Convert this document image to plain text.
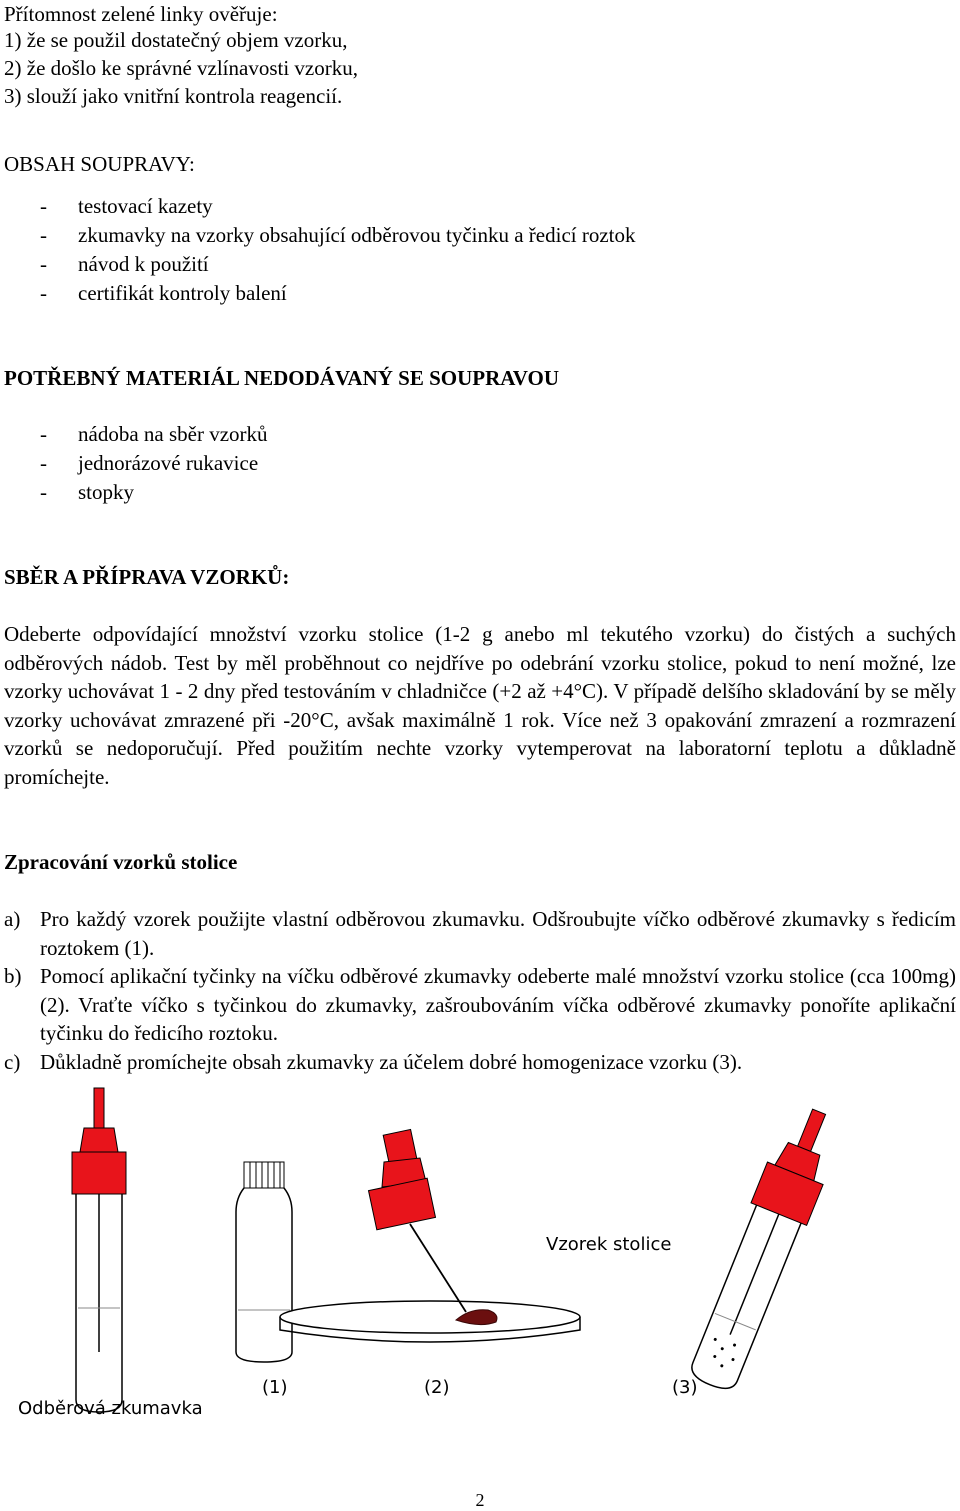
Přítomnost zelené linky ověřuje:
1) že se použil dostatečný objem vzorku,
2) že došlo ke správné vzlínavosti vzorku,
3) slouží jako vnitřní kontrola reagencií.
OBSAH SOUPRAVY:
- testovací kazety
- zkumavky na vzorky obsahující odběrovou tyčinku a ředicí roztok
- návod k použití
- certifikát kontroly balení
POTŘEBNÝ MATERIÁL NEDODÁVANÝ SE SOUPRAVOU
- nádoba na sběr vzorků
- jednorázové rukavice
- stopky
SBĚR A PŘÍPRAVA VZORKŮ:
Odeberte odpovídající množství vzorku stolice (1-2 g anebo ml tekutého vzorku) do čistých a suchých odběrových nádob. Test by měl proběhnout co nejdříve po odebrání vzorku stolice, pokud to není možné, lze vzorky uchovávat 1 - 2 dny před testováním v chladničce (+2 až +4°C). V případě delšího skladování by se měly vzorky uchovávat zmrazené při -20°C, avšak maximálně 1 rok. Více než 3 opakování zmrazení a rozmrazení vzorků se nedoporučují. Před použitím nechte vzorky vytemperovat na laboratorní teplotu a důkladně promíchejte.
Zpracování vzorků stolice
a) Pro každý vzorek použijte vlastní odběrovou zkumavku. Odšroubujte víčko odběrové zkumavky s ředicím roztokem (1).
b) Pomocí aplikační tyčinky na víčku odběrové zkumavky odeberte malé množství vzorku stolice (cca 100mg) (2). Vraťte víčko s tyčinkou do zkumavky, zašroubováním víčka odběrové zkumavky ponoříte aplikační tyčinku do ředicího roztoku.
c) Důkladně promíchejte obsah zkumavky za účelem dobré homogenizace vzorku (3).
Vzorek stolice
Odběrová zkumavka
(1)	(2)	(3)
2
